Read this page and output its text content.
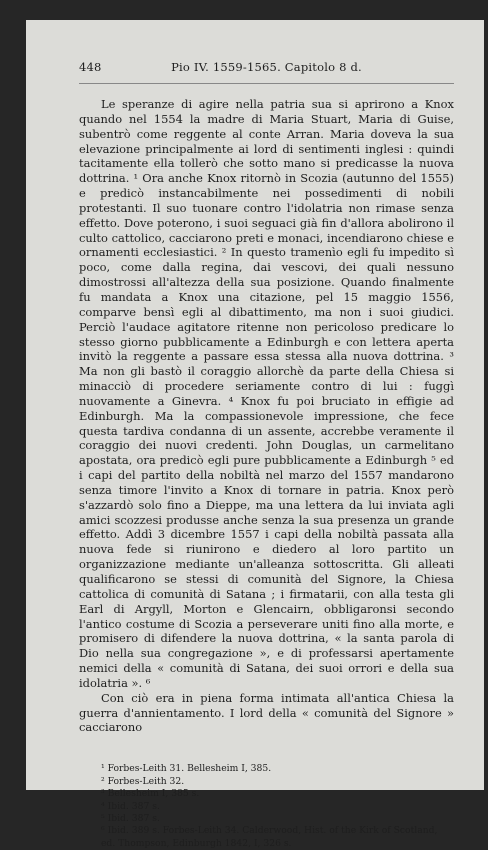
448	Pio IV. 1559-1565. Capitolo 8 d.

Le speranze di agire nella patria sua si aprirono a Knox quando nel 1554 la madre di Maria Stuart, Maria di Guise, subentrò come reggente al conte Arran. Maria doveva la sua elevazione principalmente ai lord di sentimenti inglesi : quindi tacitamente ella tollerò che sotto mano si predicasse la nuova dottrina. ¹ Ora anche Knox ritornò in Scozia (autunno del 1555) e predicò instancabilmente nei possedimenti di nobili protestanti. Il suo tuonare contro l'idolatria non rimase senza effetto. Dove poterono, i suoi seguaci già fin d'allora abolirono il culto cattolico, cacciarono preti e monaci, incendiarono chiese e ornamenti ecclesiastici. ² In questo tramenìo egli fu impedito sì poco, come dalla regina, dai vescovi, dei quali nessuno dimostrossi all'altezza della sua posizione. Quando finalmente fu mandata a Knox una citazione, pel 15 maggio 1556, comparve bensì egli al dibattimento, ma non i suoi giudici. Perciò l'audace agitatore ritenne non pericoloso predicare lo stesso giorno pubblicamente a Edinburgh e con lettera aperta invitò la reggente a passare essa stessa alla nuova dottrina. ³ Ma non gli bastò il coraggio allorchè da parte della Chiesa si minacciò di procedere seriamente contro di lui : fuggì nuovamente a Ginevra. ⁴ Knox fu poi bruciato in effigie ad Edinburgh. Ma la compassionevole impressione, che fece questa tardiva condanna di un assente, accrebbe veramente il coraggio dei nuovi credenti. John Douglas, un carmelitano apostata, ora predicò egli pure pubblicamente a Edinburgh ⁵ ed i capi del partito della nobiltà nel marzo del 1557 mandarono senza timore l'invito a Knox di tornare in patria. Knox però s'azzardò solo fino a Dieppe, ma una lettera da lui inviata agli amici scozzesi produsse anche senza la sua presenza un grande effetto. Addì 3 dicembre 1557 i capi della nobiltà passata alla nuova fede si riunirono e diedero al loro partito un organizzazione mediante un'alleanza sottoscritta. Gli alleati qualificarono se stessi di comunità del Signore, la Chiesa cattolica di comunità di Satana ; i firmatarii, con alla testa gli Earl di Argyll, Morton e Glencairn, obbligaronsi secondo l'antico costume di Scozia a perseverare uniti fino alla morte, e promisero di difendere la nuova dottrina, « la santa parola di Dio nella sua congregazione », e di professarsi apertamente nemici della « comunità di Satana, dei suoi orrori e della sua idolatria ». ⁶

Con ciò era in piena forma intimata all'antica Chiesa la guerra d'annientamento. I lord della « comunità del Signore » cacciarono

¹ Forbes-Leith 31. Bellesheim I, 385.

² Forbes-Leith 32.

³ Bellesheim I, 385 s.

⁴ Ibid. 387 s.

⁵ Ibid. 387 s.

⁶ Ibid. 389 s. Forbes-Leith 34. Calderwood, Hist. of the Kirk of Scotland, ed. Thompson, Edinburgh 1842, I, 326 s.
